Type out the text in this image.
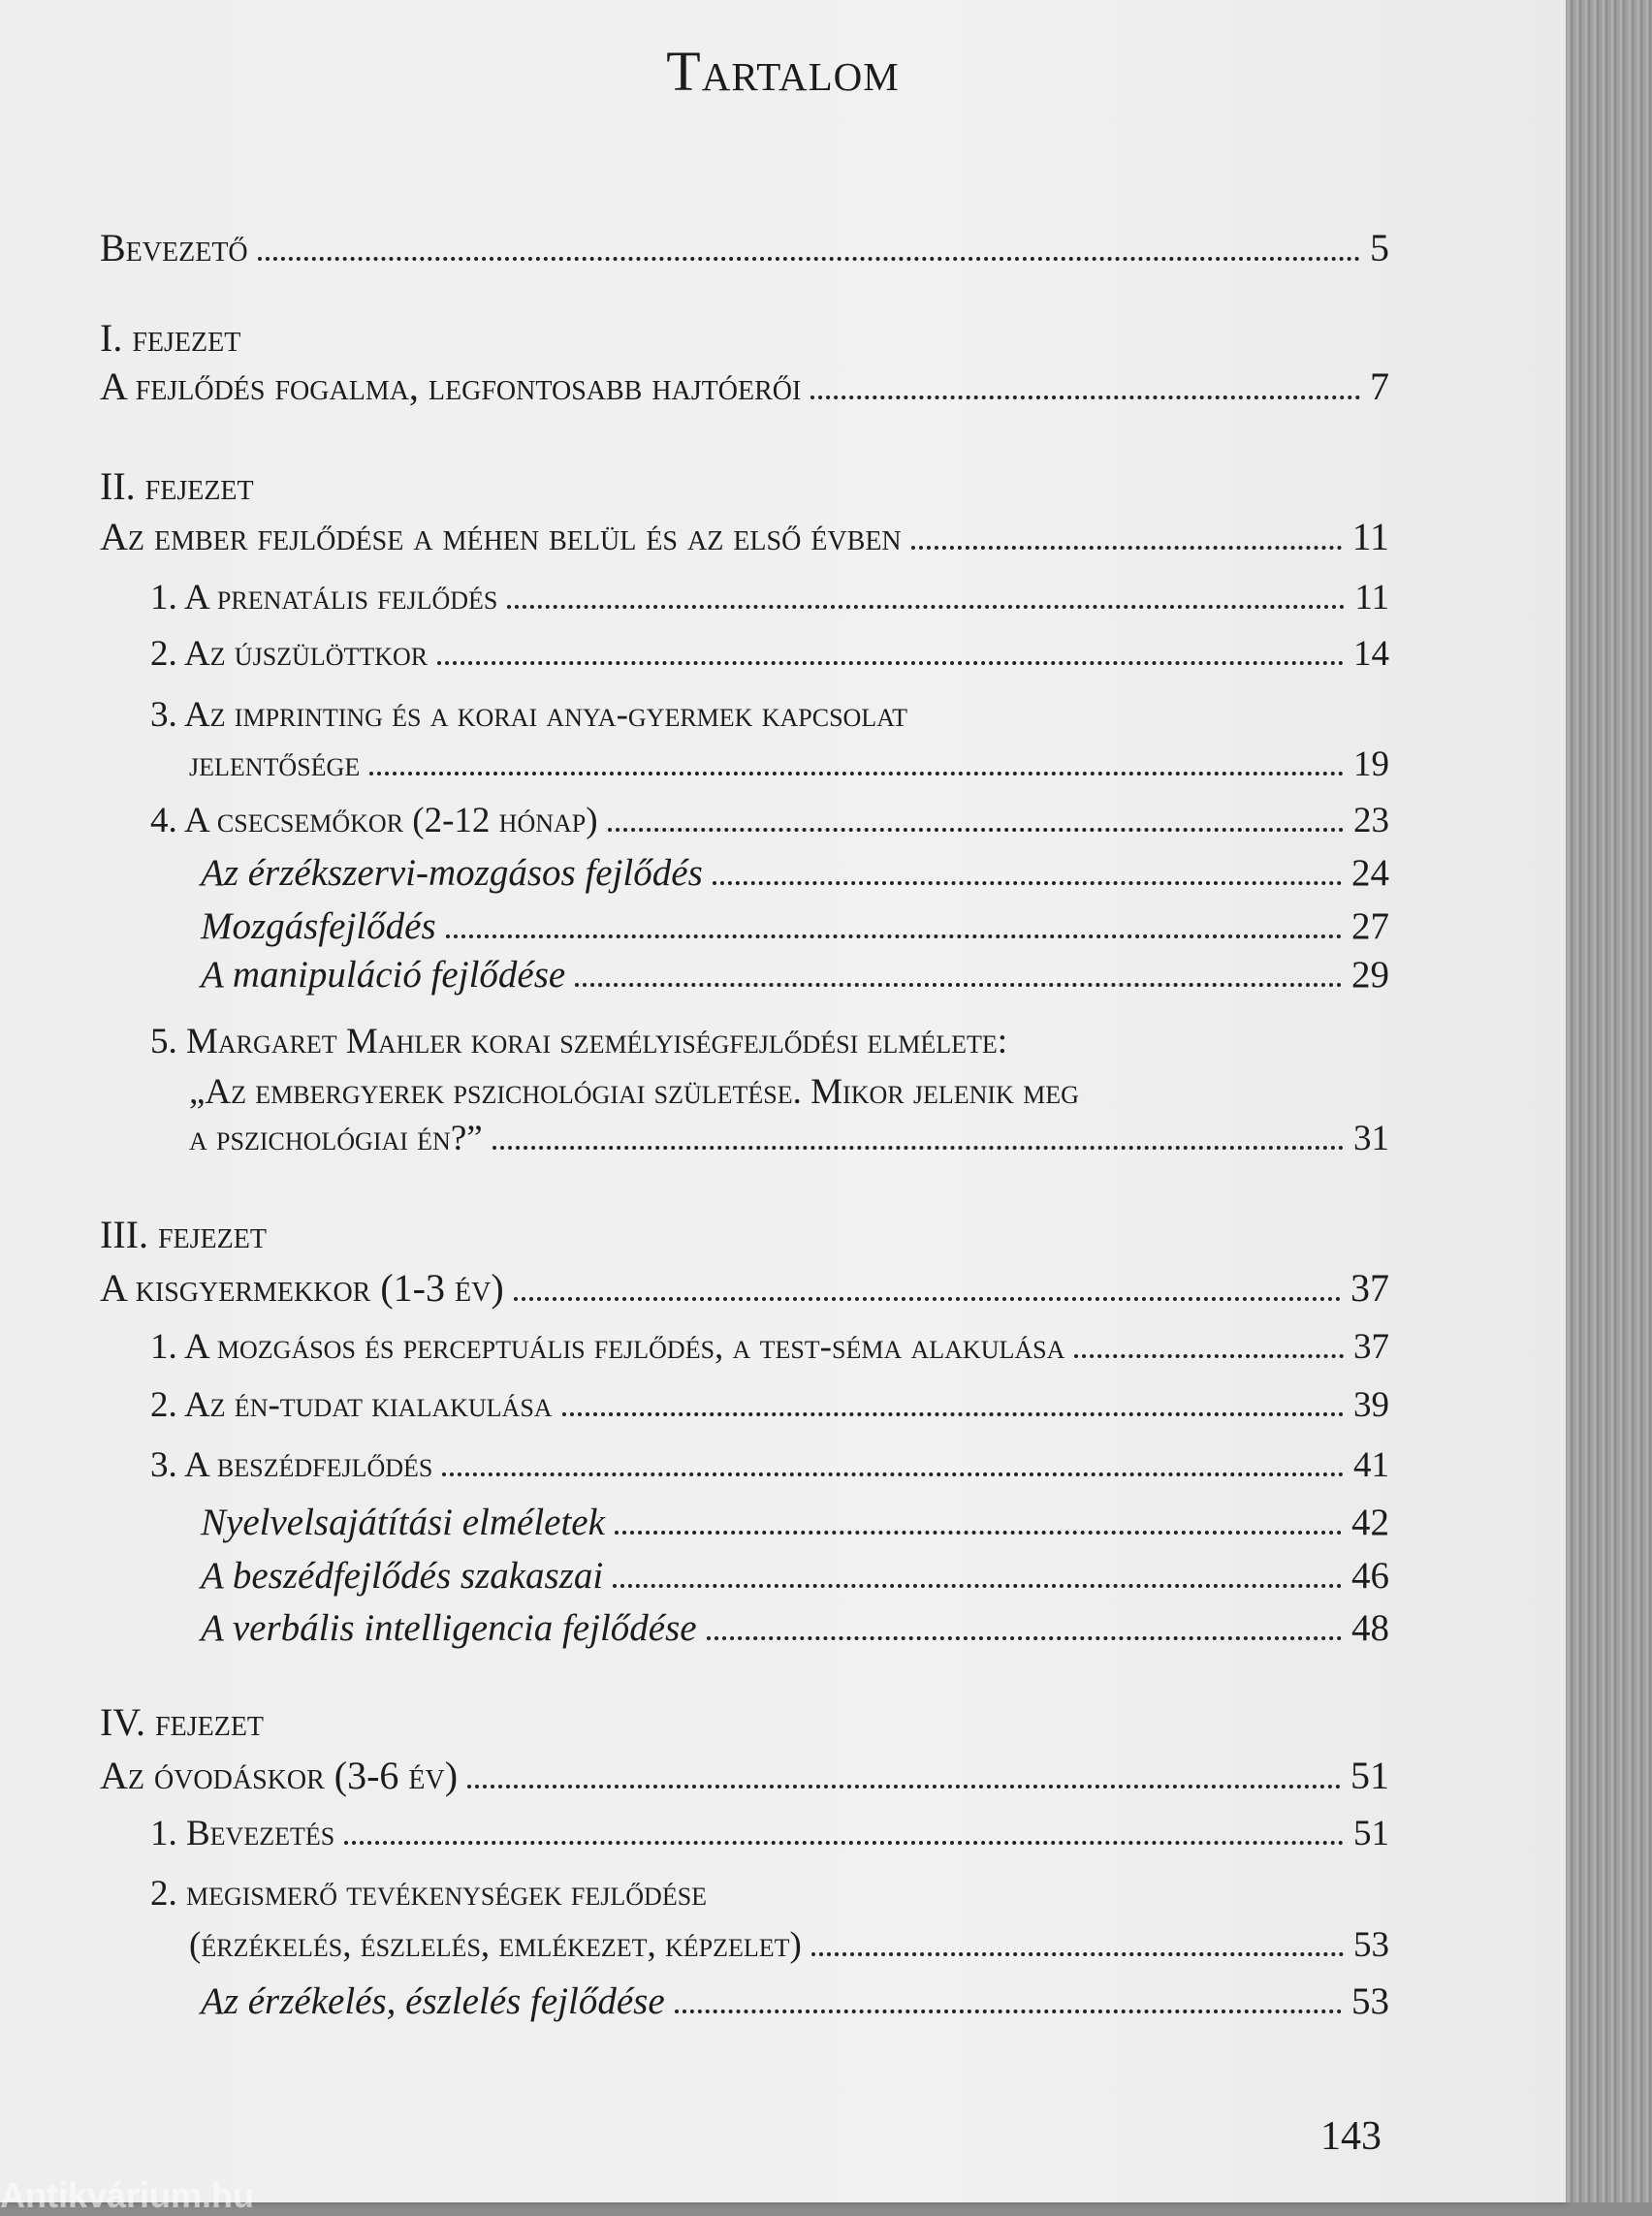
Tartalom
Bevezető	5
I. fejezet
A fejlődés fogalma, legfontosabb hajtóerői	7
II. fejezet
Az ember fejlődése a méhen belül és az első évben	11
1. A prenatális fejlődés	11
2. Az újszülöttkor	14
3. Az imprinting és a korai anya-gyermek kapcsolat
jelentősége	19
4. A csecsemőkor (2-12 hónap)	23
Az érzékszervi-mozgásos fejlődés	24
Mozgásfejlődés	27
A manipuláció fejlődése	29
5. Margaret Mahler korai személyiségfejlődési elmélete:
„Az embergyerek pszichológiai születése. Mikor jelenik meg
a pszichológiai én?”	31
III. fejezet
A kisgyermekkor (1-3 év)	37
1. A mozgásos és perceptuális fejlődés, a test-séma alakulása	37
2. Az én-tudat kialakulása	39
3. A beszédfejlődés	41
Nyelvelsajátítási elméletek	42
A beszédfejlődés szakaszai	46
A verbális intelligencia fejlődése	48
IV. fejezet
Az óvodáskor (3-6 év)	51
1. Bevezetés	51
2. megismerő tevékenységek fejlődése
(érzékelés, észlelés, emlékezet, képzelet)	53
Az érzékelés, észlelés fejlődése	53
143
Antikvárium.hu
